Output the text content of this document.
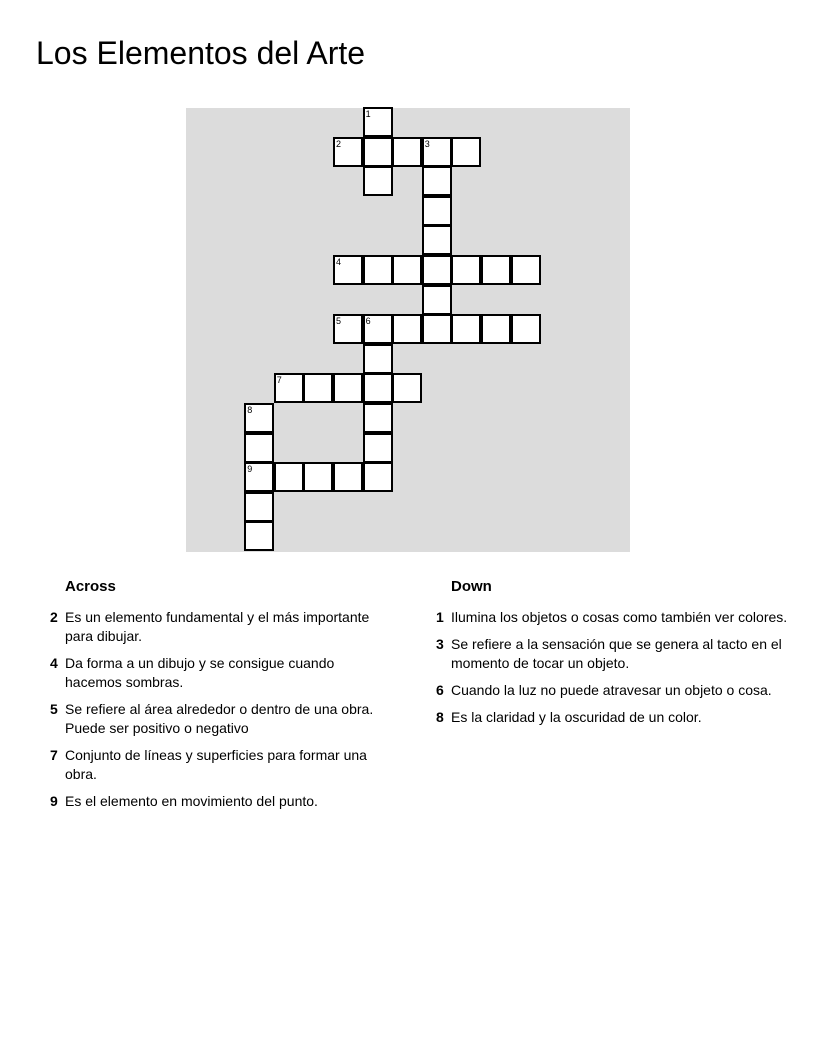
Los Elementos del Arte
1
2	3
4
5	6
7
8
9
Across
2 Es un elemento fundamental y el más importante para dibujar.
4 Da forma a un dibujo y se consigue cuando hacemos sombras.
5 Se refiere al área alrededor o dentro de una obra. Puede ser positivo o negativo
7 Conjunto de líneas y superficies para formar una obra.
9 Es el elemento en movimiento del punto.
Down
1 Ilumina los objetos o cosas como también ver colores.
3 Se refiere a la sensación que se genera al tacto en el momento de tocar un objeto.
6 Cuando la luz no puede atravesar un objeto o cosa.
8 Es la claridad y la oscuridad de un color.
